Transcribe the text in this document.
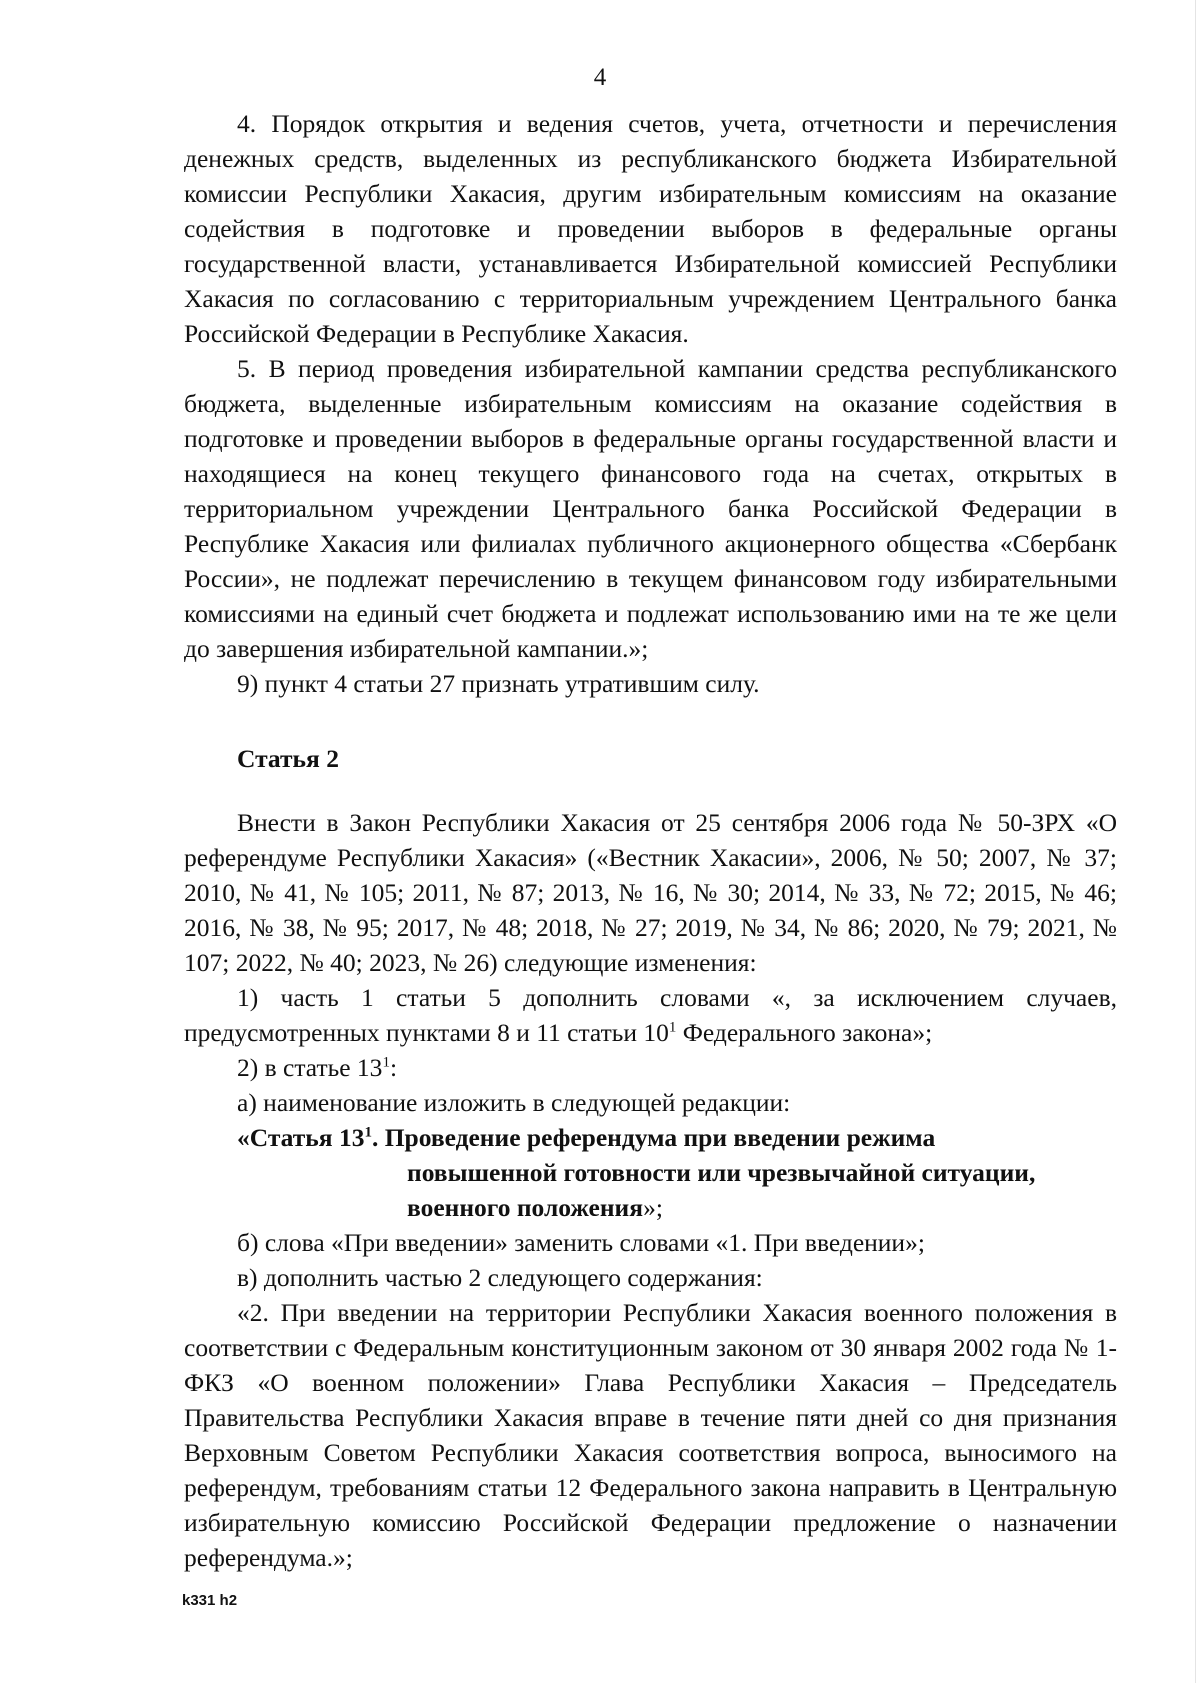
4

4. Порядок открытия и ведения счетов, учета, отчетности и перечисления денежных средств, выделенных из республиканского бюджета Избирательной комиссии Республики Хакасия, другим избирательным комиссиям на оказание содействия в подготовке и проведении выборов в федеральные органы государственной власти, устанавливается Избирательной комиссией Республики Хакасия по согласованию с территориальным учреждением Центрального банка Российской Федерации в Республике Хакасия.

5. В период проведения избирательной кампании средства республиканского бюджета, выделенные избирательным комиссиям на оказание содействия в подготовке и проведении выборов в федеральные органы государственной власти и находящиеся на конец текущего финансового года на счетах, открытых в территориальном учреждении Центрального банка Российской Федерации в Республике Хакасия или филиалах публичного акционерного общества «Сбербанк России», не подлежат перечислению в текущем финансовом году избирательными комиссиями на единый счет бюджета и подлежат использованию ими на те же цели до завершения избирательной кампании.»;

9) пункт 4 статьи 27 признать утратившим силу.

Статья 2

Внести в Закон Республики Хакасия от 25 сентября 2006 года № 50-ЗРХ «О референдуме Республики Хакасия» («Вестник Хакасии», 2006, № 50; 2007, № 37; 2010, № 41, № 105; 2011, № 87; 2013, № 16, № 30; 2014, № 33, № 72; 2015, № 46; 2016, № 38, № 95; 2017, № 48; 2018, № 27; 2019, № 34, № 86; 2020, № 79; 2021, № 107; 2022, № 40; 2023, № 26) следующие изменения:

1) часть 1 статьи 5 дополнить словами «, за исключением случаев, предусмотренных пунктами 8 и 11 статьи $10^1$ Федерального закона»;

2) в статье $13^1$:

а) наименование изложить в следующей редакции:

«Статья $13^1$. Проведение референдума при введении режима
повышенной готовности или чрезвычайной ситуации,
военного положения»;

б) слова «При введении» заменить словами «1. При введении»;

в) дополнить частью 2 следующего содержания:

«2. При введении на территории Республики Хакасия военного положения в соответствии с Федеральным конституционным законом от 30 января 2002 года № 1-ФКЗ «О военном положении» Глава Республики Хакасия – Председатель Правительства Республики Хакасия вправе в течение пяти дней со дня признания Верховным Советом Республики Хакасия соответствия вопроса, выносимого на референдум, требованиям статьи 12 Федерального закона направить в Центральную избирательную комиссию Российской Федерации предложение о назначении референдума.»;

k331 h2
